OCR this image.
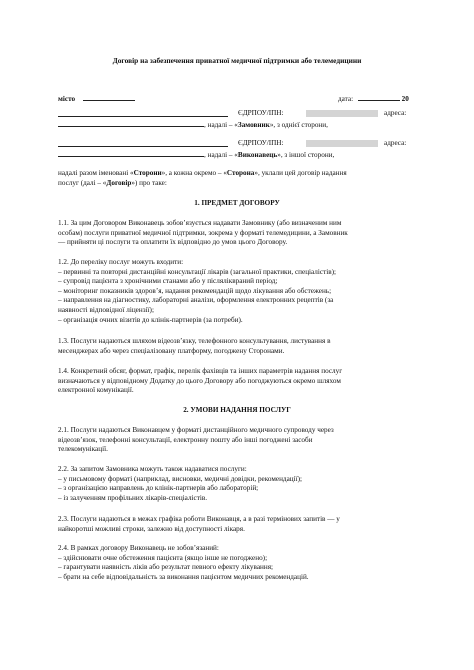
Договір на забезпечення приватної медичної підтримки або телемедицини
місто	дата:	20
ЄДРПОУ/ІПН:	адреса:
, надалі – «Замовник», з однієї сторони,
ЄДРПОУ/ІПН:	адреса:
, надалі – «Виконавець», з іншої сторони,
надалі разом іменовані «Сторони», а кожна окремо – «Сторона», уклали цей договір надання
послуг (далі – «Договір») про таке:
1. ПРЕДМЕТ ДОГОВОРУ
1.1. За цим Договором Виконавець зобов’язується надавати Замовнику (або визначеним ним
особам) послуги приватної медичної підтримки, зокрема у форматі телемедицини, а Замовник
— прийняти ці послуги та оплатити їх відповідно до умов цього Договору.
1.2. До переліку послуг можуть входити:
– первинні та повторні дистанційні консультації лікарів (загальної практики, спеціалістів);
– супровід пацієнта з хронічними станами або у післяліквраний період;
– моніторинг показників здоров’я, надання рекомендацій щодо лікування або обстежень;
– направлення на діагностику, лабораторні аналізи, оформлення електронних рецептів (за
наявності відповідної ліцензії);
– організація очних візитів до клінік-партнерів (за потреби).
1.3. Послуги надаються шляхом відеозв’язку, телефонного консультування, листування в
месенджерах або через спеціалізовану платформу, погоджену Сторонами.
1.4. Конкретний обсяг, формат, графік, перелік фахівців та інших параметрів надання послуг
визначаються у відповідному Додатку до цього Договору або погоджуються окремо шляхом
електронної комунікації.
2. УМОВИ НАДАННЯ ПОСЛУГ
2.1. Послуги надаються Виконавцем у форматі дистанційного медичного супроводу через
відеозв’язок, телефонні консультації, електронну пошту або інші погоджені засоби
телекомунікації.
2.2. За запитом Замовника можуть також надаватися послуги:
– у письмовому форматі (наприклад, висновки, медичні довідки, рекомендації);
– з організацією направлень до клінік-партнерів або лабораторій;
– із залученням профільних лікарів-спеціалістів.
2.3. Послуги надаються в межах графіка роботи Виконавця, а в разі термінових запитів — у
найкоротші можливі строки, залежно від доступності лікаря.
2.4. В рамках договору Виконавець не зобов’язаний:
– здійснювати очне обстеження пацієнта (якщо інше не погоджено);
– гарантувати наявність ліків або результат певного ефекту лікування;
– брати на себе відповідальність за виконання пацієнтом медичних рекомендацій.
